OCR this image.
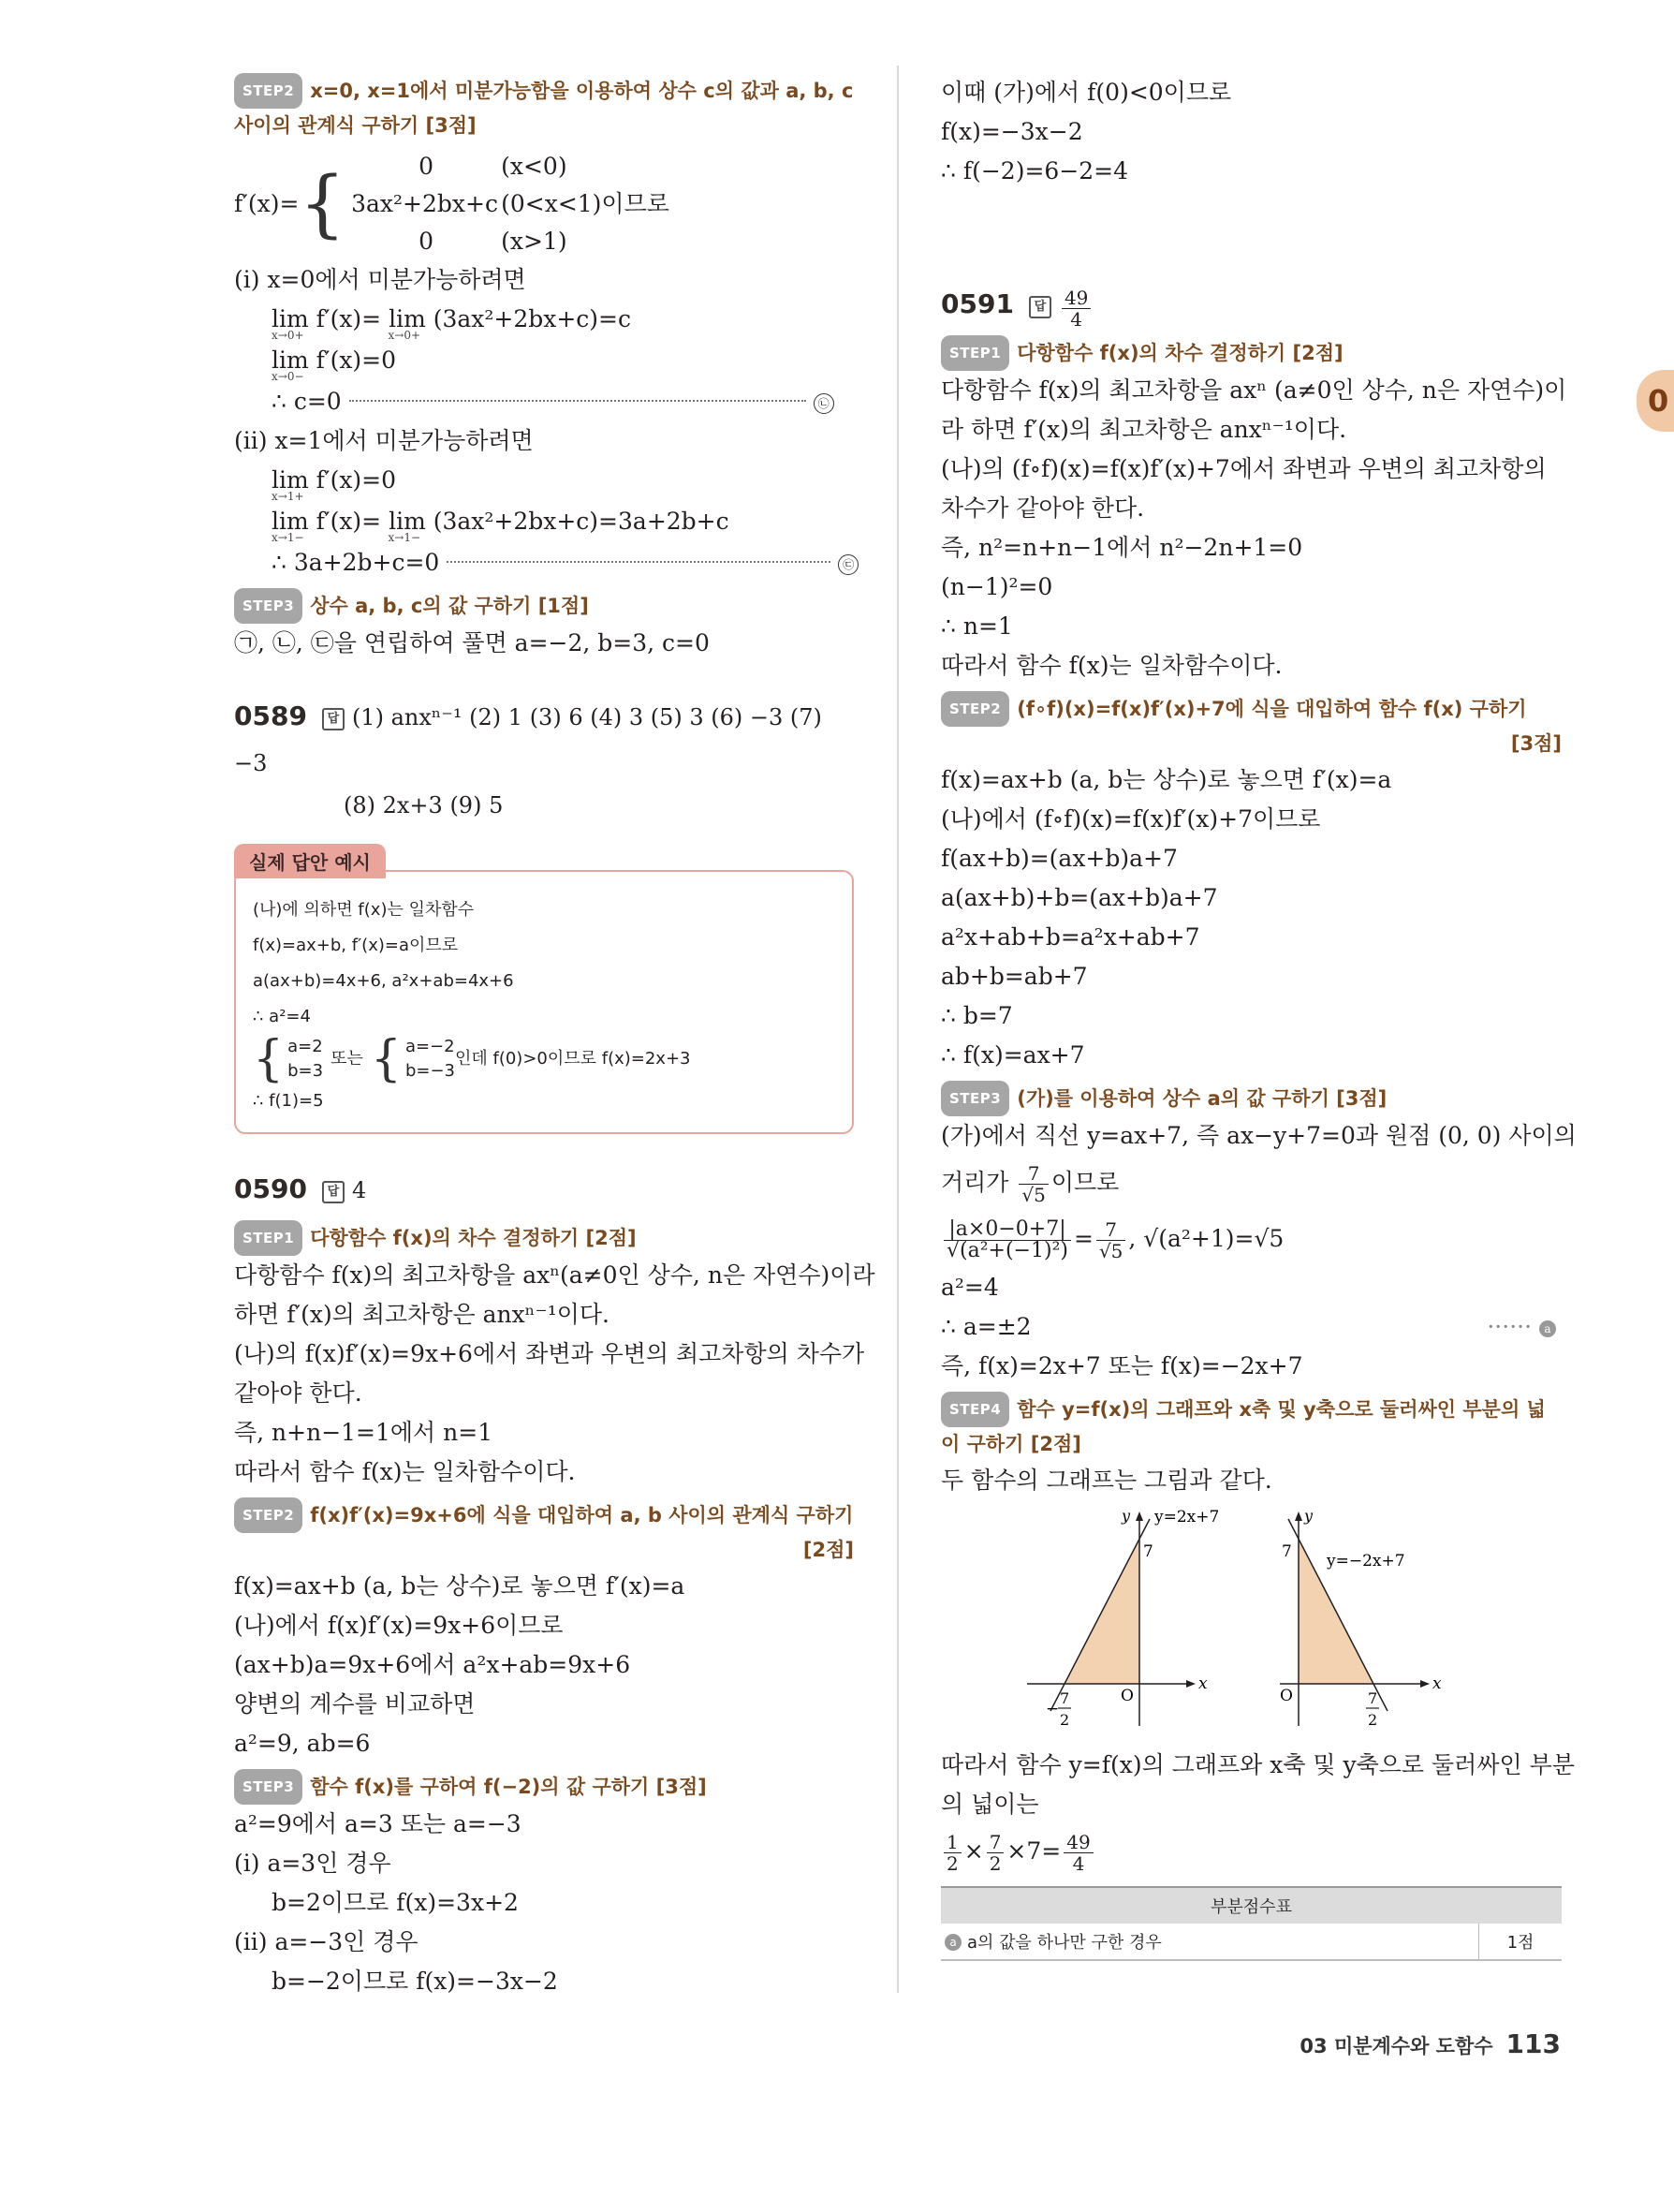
0
STEP2 x=0, x=1에서 미분가능함을 이용하여 상수 c의 값과 a, b, c 사이의 관계식 구하기 [3점]
f′(x)= {	0	(x<0)
3ax²+2bx+c (0<x<1)이므로
0	(x>1)
(ⅰ) x=0에서 미분가능하려면
lim f′(x)= lim (3ax²+2bx+c)=c
x→0+	x→0+
lim f′(x)=0
x→0−
∴ c=0	㉡
(ⅱ) x=1에서 미분가능하려면
lim f′(x)=0
x→1+
lim f′(x)= lim (3ax²+2bx+c)=3a+2b+c
x→1−	x→1−
∴ 3a+2b+c=0	㉢
STEP3 상수 a, b, c의 값 구하기 [1점]
㉠, ㉡, ㉢을 연립하여 풀면 a=−2, b=3, c=0
0589 답 (1) anxⁿ⁻¹ (2) 1 (3) 6 (4) 3 (5) 3 (6) −3 (7) −3
(8) 2x+3 (9) 5
실제 답안 예시
(나)에 의하면 f(x)는 일차함수
f(x)=ax+b, f′(x)=a이므로
a(ax+b)=4x+6, a²x+ab=4x+6
∴ a²=4
{ a=2
b=3
또는 { a=−2
b=−3
인데 f(0)>0이므로 f(x)=2x+3
∴ f(1)=5
0590 답 4
STEP1 다항함수 f(x)의 차수 결정하기 [2점]
다항함수 f(x)의 최고차항을 axⁿ(a≠0인 상수, n은 자연수)이라
하면 f′(x)의 최고차항은 anxⁿ⁻¹이다.
(나)의 f(x)f′(x)=9x+6에서 좌변과 우변의 최고차항의 차수가
같아야 한다.
즉, n+n−1=1에서 n=1
따라서 함수 f(x)는 일차함수이다.
STEP2 f(x)f′(x)=9x+6에 식을 대입하여 a, b 사이의 관계식 구하기

[2점]
f(x)=ax+b (a, b는 상수)로 놓으면 f′(x)=a
(나)에서 f(x)f′(x)=9x+6이므로
(ax+b)a=9x+6에서 a²x+ab=9x+6
양변의 계수를 비교하면
a²=9, ab=6
STEP3 함수 f(x)를 구하여 f(−2)의 값 구하기 [3점]
a²=9에서 a=3 또는 a=−3
(ⅰ) a=3인 경우
b=2이므로 f(x)=3x+2
(ⅱ) a=−3인 경우
b=−2이므로 f(x)=−3x−2
이때 (가)에서 f(0)<0이므로
f(x)=−3x−2
∴ f(−2)=6−2=4
0591 답 $\frac{49}{4}$
STEP1 다항함수 f(x)의 차수 결정하기 [2점]
다항함수 f(x)의 최고차항을 axⁿ (a≠0인 상수, n은 자연수)이
라 하면 f′(x)의 최고차항은 anxⁿ⁻¹이다.
(나)의 (f∘f)(x)=f(x)f′(x)+7에서 좌변과 우변의 최고차항의
차수가 같아야 한다.
즉, n²=n+n−1에서 n²−2n+1=0
(n−1)²=0
∴ n=1
따라서 함수 f(x)는 일차함수이다.
STEP2 (f∘f)(x)=f(x)f′(x)+7에 식을 대입하여 함수 f(x) 구하기

[3점]
f(x)=ax+b (a, b는 상수)로 놓으면 f′(x)=a
(나)에서 (f∘f)(x)=f(x)f′(x)+7이므로
f(ax+b)=(ax+b)a+7
a(ax+b)+b=(ax+b)a+7
a²x+ab+b=a²x+ab+7
ab+b=ab+7
∴ b=7
∴ f(x)=ax+7
STEP3 (가)를 이용하여 상수 a의 값 구하기 [3점]
(가)에서 직선 y=ax+7, 즉 ax−y+7=0과 원점 (0, 0) 사이의
거리가 $\frac{7}{√5}$ 이므로
$\frac{|a\times 0-0+7|}{\text{√(a²+(−1)²)}} = \frac{7}{√5}$ , √(a²+1)=√5
a²=4
∴ a=±2	······ a
즉, f(x)=2x+7 또는 f(x)=−2x+7
STEP4 함수 y=f(x)의 그래프와 x축 및 y축으로 둘러싸인 부분의 넓이 구하기 [2점]
두 함수의 그래프는 그림과 같다.
y y=2x+7
7
x
O
−
7
2
y
y=−2x+7
7
x
O	7
2
따라서 함수 y=f(x)의 그래프와 x축 및 y축으로 둘러싸인 부분
의 넓이는
$\frac{1}{2} \times \frac{7}{2} \times 7= \frac{49}{4}$
부분점수표
a a의 값을 하나만 구한 경우	1점
03 미분계수와 도함수 113
